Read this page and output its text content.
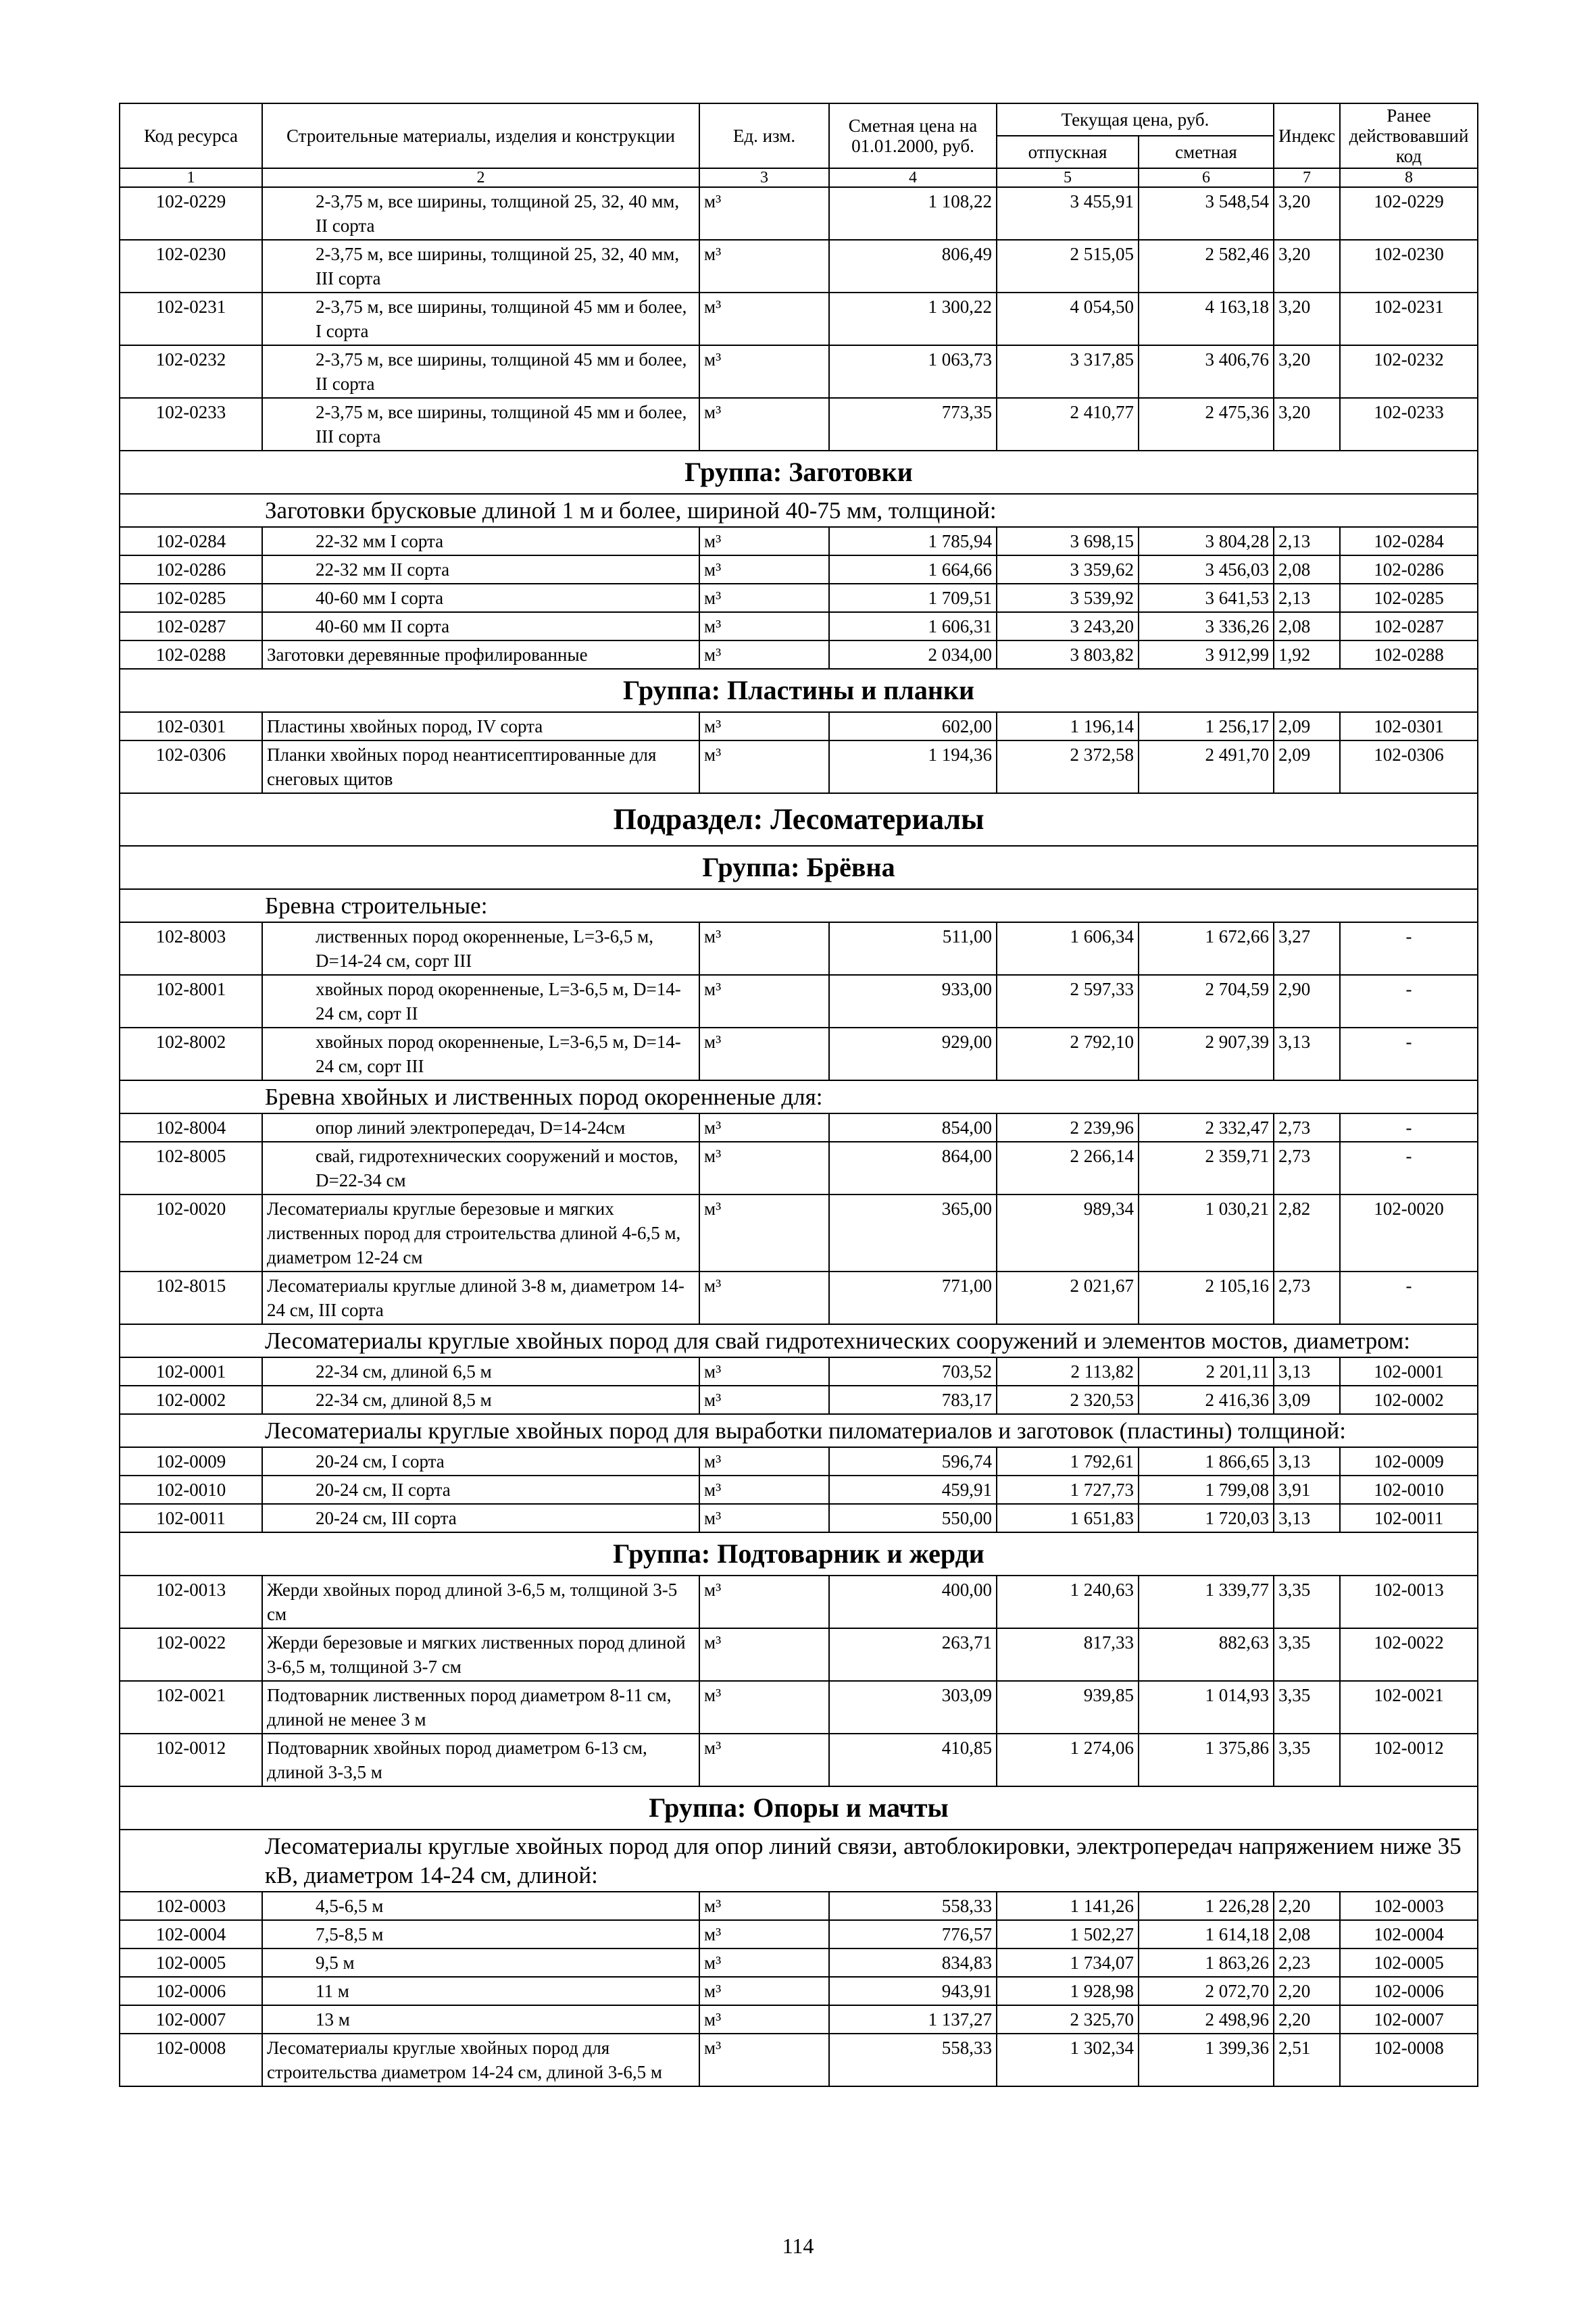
Код ресурса	Строительные материалы, изделия и конструкции	Ед. изм.	Сметная цена на 01.01.2000, руб.	Текущая цена, руб.		Индекс	Ранее действовавший код
				отпускная	сметная		
1	2	3	4	5	6	7	8
102-0229	2-3,75 м, все ширины, толщиной 25, 32, 40 мм, II сорта	м³	1 108,22	3 455,91	3 548,54	3,20	102-0229
102-0230	2-3,75 м, все ширины, толщиной 25, 32, 40 мм, III сорта	м³	806,49	2 515,05	2 582,46	3,20	102-0230
102-0231	2-3,75 м, все ширины, толщиной 45 мм и более, I сорта	м³	1 300,22	4 054,50	4 163,18	3,20	102-0231
102-0232	2-3,75 м, все ширины, толщиной 45 мм и более, II сорта	м³	1 063,73	3 317,85	3 406,76	3,20	102-0232
102-0233	2-3,75 м, все ширины, толщиной 45 мм и более, III сорта	м³	773,35	2 410,77	2 475,36	3,20	102-0233
Группа: Заготовки							
Заготовки брусковые длиной 1 м и более, шириной 40-75 мм, толщиной:							
102-0284	22-32 мм I сорта	м³	1 785,94	3 698,15	3 804,28	2,13	102-0284
102-0286	22-32 мм II сорта	м³	1 664,66	3 359,62	3 456,03	2,08	102-0286
102-0285	40-60 мм I сорта	м³	1 709,51	3 539,92	3 641,53	2,13	102-0285
102-0287	40-60 мм II сорта	м³	1 606,31	3 243,20	3 336,26	2,08	102-0287
102-0288	Заготовки деревянные профилированные	м³	2 034,00	3 803,82	3 912,99	1,92	102-0288
Группа: Пластины и планки							
102-0301	Пластины хвойных пород, IV сорта	м³	602,00	1 196,14	1 256,17	2,09	102-0301
102-0306	Планки хвойных пород неантисептированные для снеговых щитов	м³	1 194,36	2 372,58	2 491,70	2,09	102-0306
Подраздел: Лесоматериалы							
Группа: Брёвна							
Бревна строительные:							
102-8003	лиственных пород окоренненые, L=3-6,5 м, D=14-24 см, сорт III	м³	511,00	1 606,34	1 672,66	3,27	-
102-8001	хвойных пород окоренненые, L=3-6,5 м, D=14-24 см, сорт II	м³	933,00	2 597,33	2 704,59	2,90	-
102-8002	хвойных пород окоренненые, L=3-6,5 м, D=14-24 см, сорт III	м³	929,00	2 792,10	2 907,39	3,13	-
Бревна хвойных и лиственных пород окоренненые для:							
102-8004	опор линий электропередач, D=14-24см	м³	854,00	2 239,96	2 332,47	2,73	-
102-8005	свай, гидротехнических сооружений и мостов, D=22-34 см	м³	864,00	2 266,14	2 359,71	2,73	-
102-0020	Лесоматериалы круглые березовые и мягких лиственных пород для строительства длиной 4-6,5 м, диаметром 12-24 см	м³	365,00	989,34	1 030,21	2,82	102-0020
102-8015	Лесоматериалы круглые длиной 3-8 м, диаметром 14-24 см, III сорта	м³	771,00	2 021,67	2 105,16	2,73	-
Лесоматериалы круглые хвойных пород для свай гидротехнических сооружений и элементов мостов, диаметром:							
102-0001	22-34 см, длиной 6,5 м	м³	703,52	2 113,82	2 201,11	3,13	102-0001
102-0002	22-34 см, длиной 8,5 м	м³	783,17	2 320,53	2 416,36	3,09	102-0002
Лесоматериалы круглые хвойных пород для выработки пиломатериалов и заготовок (пластины) толщиной:							
102-0009	20-24 см, I сорта	м³	596,74	1 792,61	1 866,65	3,13	102-0009
102-0010	20-24 см, II сорта	м³	459,91	1 727,73	1 799,08	3,91	102-0010
102-0011	20-24 см, III сорта	м³	550,00	1 651,83	1 720,03	3,13	102-0011
Группа: Подтоварник и жерди							
102-0013	Жерди хвойных пород длиной 3-6,5 м, толщиной 3-5 см	м³	400,00	1 240,63	1 339,77	3,35	102-0013
102-0022	Жерди березовые и мягких лиственных пород длиной 3-6,5 м, толщиной 3-7 см	м³	263,71	817,33	882,63	3,35	102-0022
102-0021	Подтоварник лиственных пород диаметром 8-11 см, длиной не менее 3 м	м³	303,09	939,85	1 014,93	3,35	102-0021
102-0012	Подтоварник хвойных пород диаметром 6-13 см, длиной 3-3,5 м	м³	410,85	1 274,06	1 375,86	3,35	102-0012
Группа: Опоры и мачты							
Лесоматериалы круглые хвойных пород для опор линий связи, автоблокировки, электропередач напряжением ниже 35 кВ, диаметром 14-24 см, длиной:							
102-0003	4,5-6,5 м	м³	558,33	1 141,26	1 226,28	2,20	102-0003
102-0004	7,5-8,5 м	м³	776,57	1 502,27	1 614,18	2,08	102-0004
102-0005	9,5 м	м³	834,83	1 734,07	1 863,26	2,23	102-0005
102-0006	11 м	м³	943,91	1 928,98	2 072,70	2,20	102-0006
102-0007	13 м	м³	1 137,27	2 325,70	2 498,96	2,20	102-0007
102-0008	Лесоматериалы круглые хвойных пород для строительства диаметром 14-24 см, длиной 3-6,5 м	м³	558,33	1 302,34	1 399,36	2,51	102-0008
114
